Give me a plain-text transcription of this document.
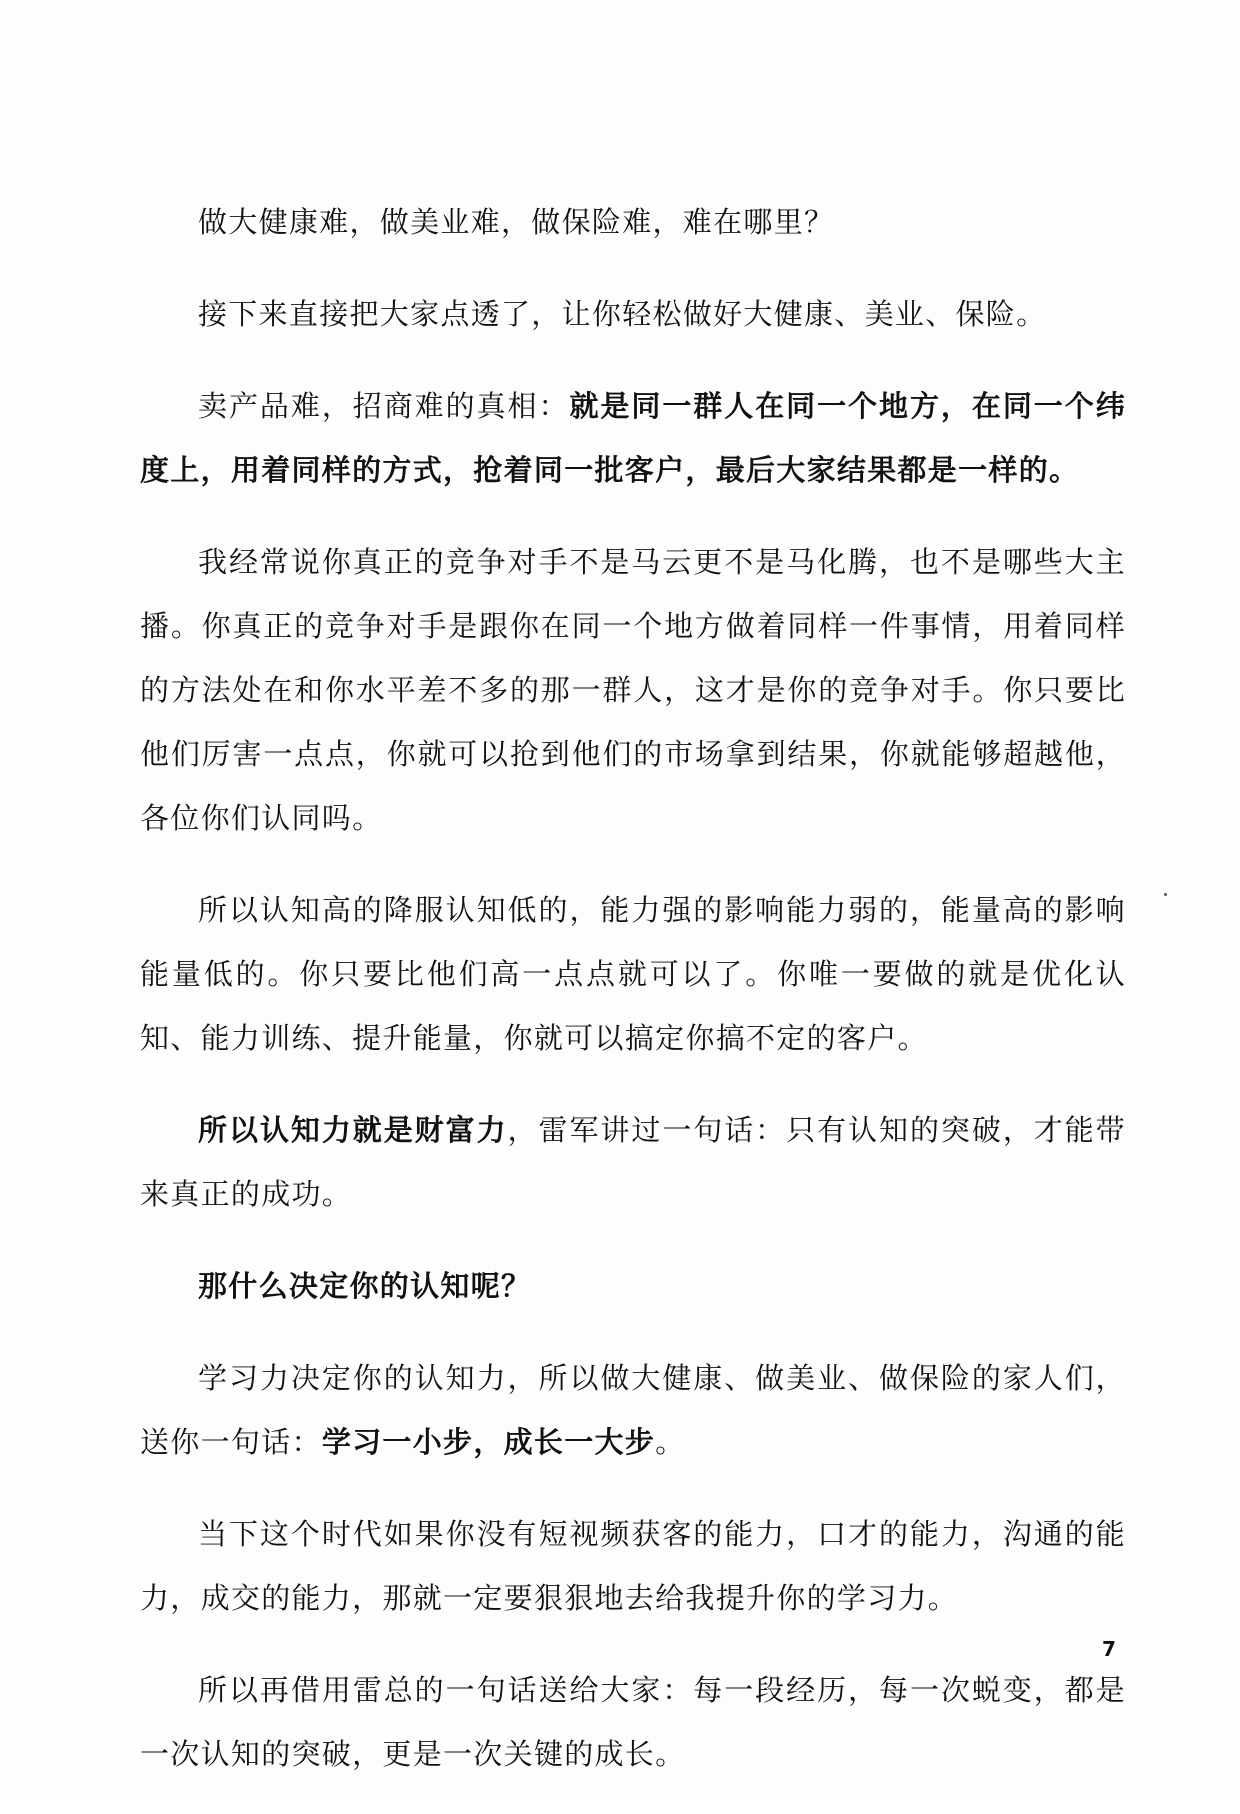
做大健康难，做美业难，做保险难，难在哪里？

接下来直接把大家点透了，让你轻松做好大健康、美业、保险。

卖产品难，招商难的真相：就是同一群人在同一个地方，在同一个纬度上，用着同样的方式，抢着同一批客户，最后大家结果都是一样的。

我经常说你真正的竞争对手不是马云更不是马化腾，也不是哪些大主播。你真正的竞争对手是跟你在同一个地方做着同样一件事情，用着同样的方法处在和你水平差不多的那一群人，这才是你的竞争对手。你只要比他们厉害一点点，你就可以抢到他们的市场拿到结果，你就能够超越他，各位你们认同吗。

所以认知高的降服认知低的，能力强的影响能力弱的，能量高的影响能量低的。你只要比他们高一点点就可以了。你唯一要做的就是优化认知、能力训练、提升能量，你就可以搞定你搞不定的客户。

所以认知力就是财富力，雷军讲过一句话：只有认知的突破，才能带来真正的成功。

那什么决定你的认知呢？

学习力决定你的认知力，所以做大健康、做美业、做保险的家人们，送你一句话：学习一小步，成长一大步。

当下这个时代如果你没有短视频获客的能力，口才的能力，沟通的能力，成交的能力，那就一定要狠狠地去给我提升你的学习力。

所以再借用雷总的一句话送给大家：每一段经历，每一次蜕变，都是一次认知的突破，更是一次关键的成长。

7
